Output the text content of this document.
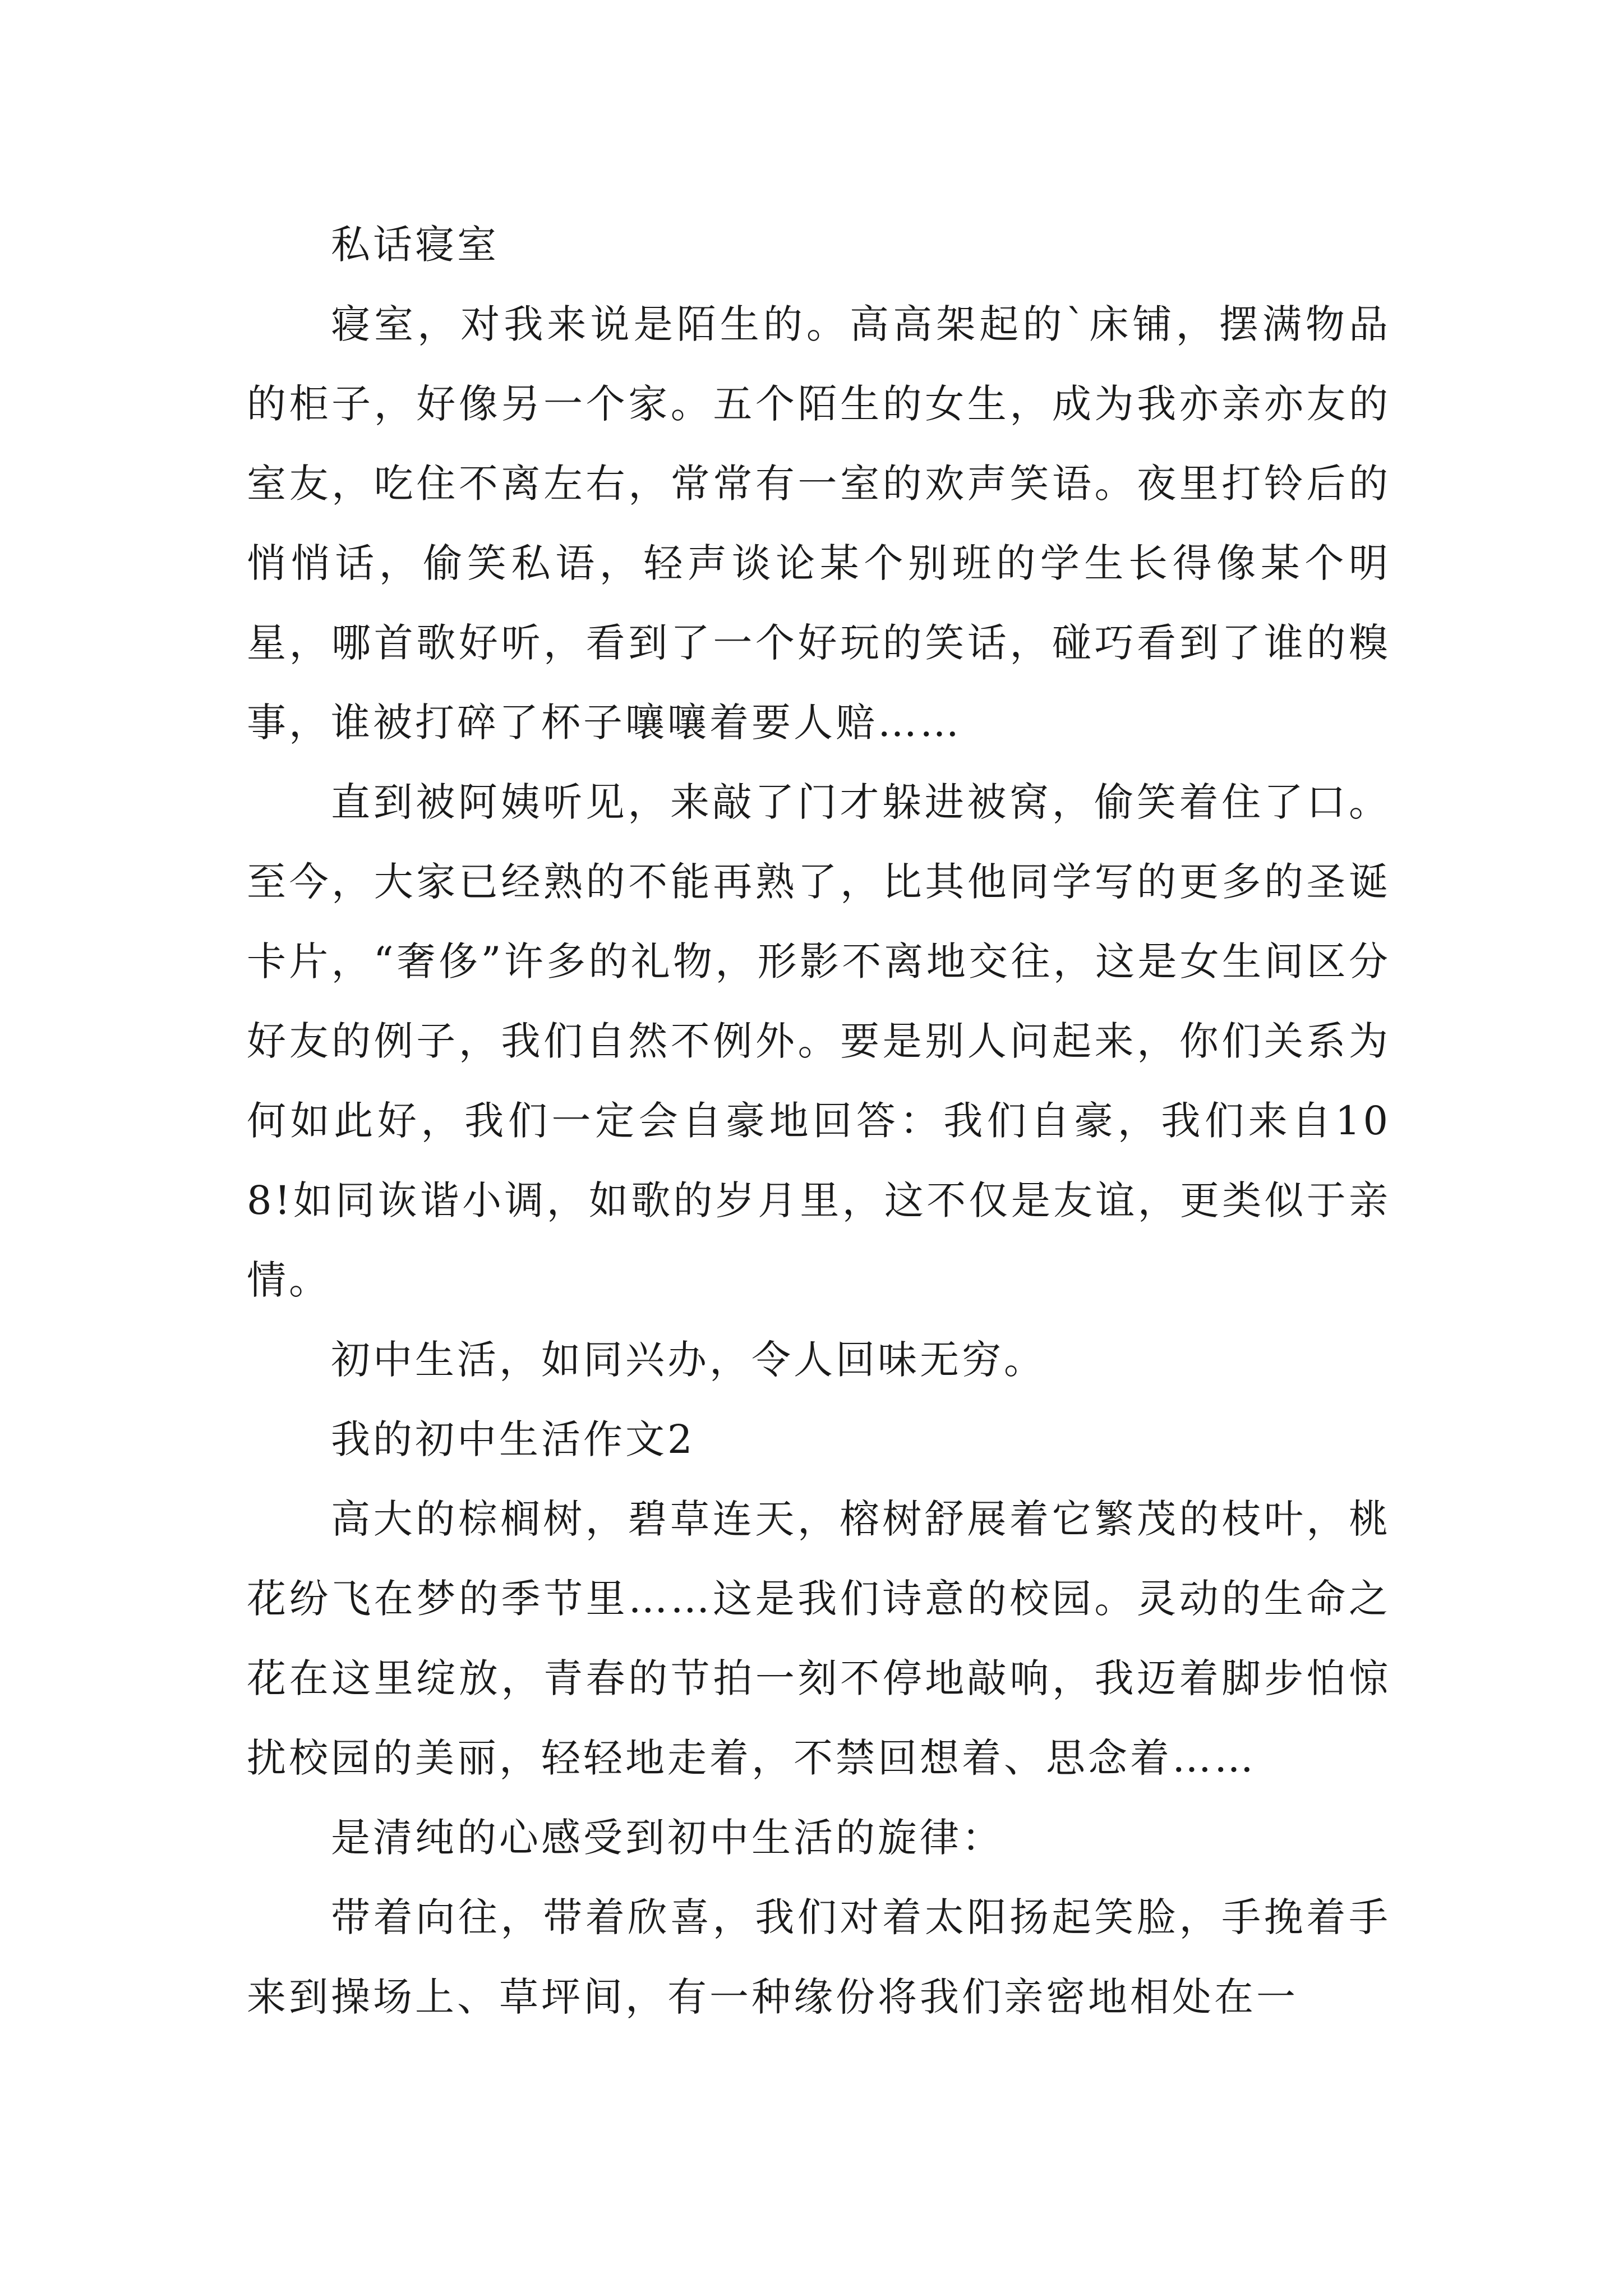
私话寝室

寝室，对我来说是陌生的。高高架起的`床铺，摆满物品的柜子，好像另一个家。五个陌生的女生，成为我亦亲亦友的室友，吃住不离左右，常常有一室的欢声笑语。夜里打铃后的悄悄话，偷笑私语，轻声谈论某个别班的学生长得像某个明星，哪首歌好听，看到了一个好玩的笑话，碰巧看到了谁的糗事，谁被打碎了杯子嚷嚷着要人赔……

直到被阿姨听见，来敲了门才躲进被窝，偷笑着住了口。至今，大家已经熟的不能再熟了，比其他同学写的更多的圣诞卡片，“奢侈”许多的礼物，形影不离地交往，这是女生间区分好友的例子，我们自然不例外。要是别人问起来，你们关系为何如此好，我们一定会自豪地回答：我们自豪，我们来自108!如同诙谐小调，如歌的岁月里，这不仅是友谊，更类似于亲情。

初中生活，如同兴办，令人回味无穷。

我的初中生活作文2

高大的棕榈树，碧草连天，榕树舒展着它繁茂的枝叶，桃花纷飞在梦的季节里……这是我们诗意的校园。灵动的生命之花在这里绽放，青春的节拍一刻不停地敲响，我迈着脚步怕惊扰校园的美丽，轻轻地走着，不禁回想着、思念着……

是清纯的心感受到初中生活的旋律：

带着向往，带着欣喜，我们对着太阳扬起笑脸，手挽着手来到操场上、草坪间，有一种缘份将我们亲密地相处在一
